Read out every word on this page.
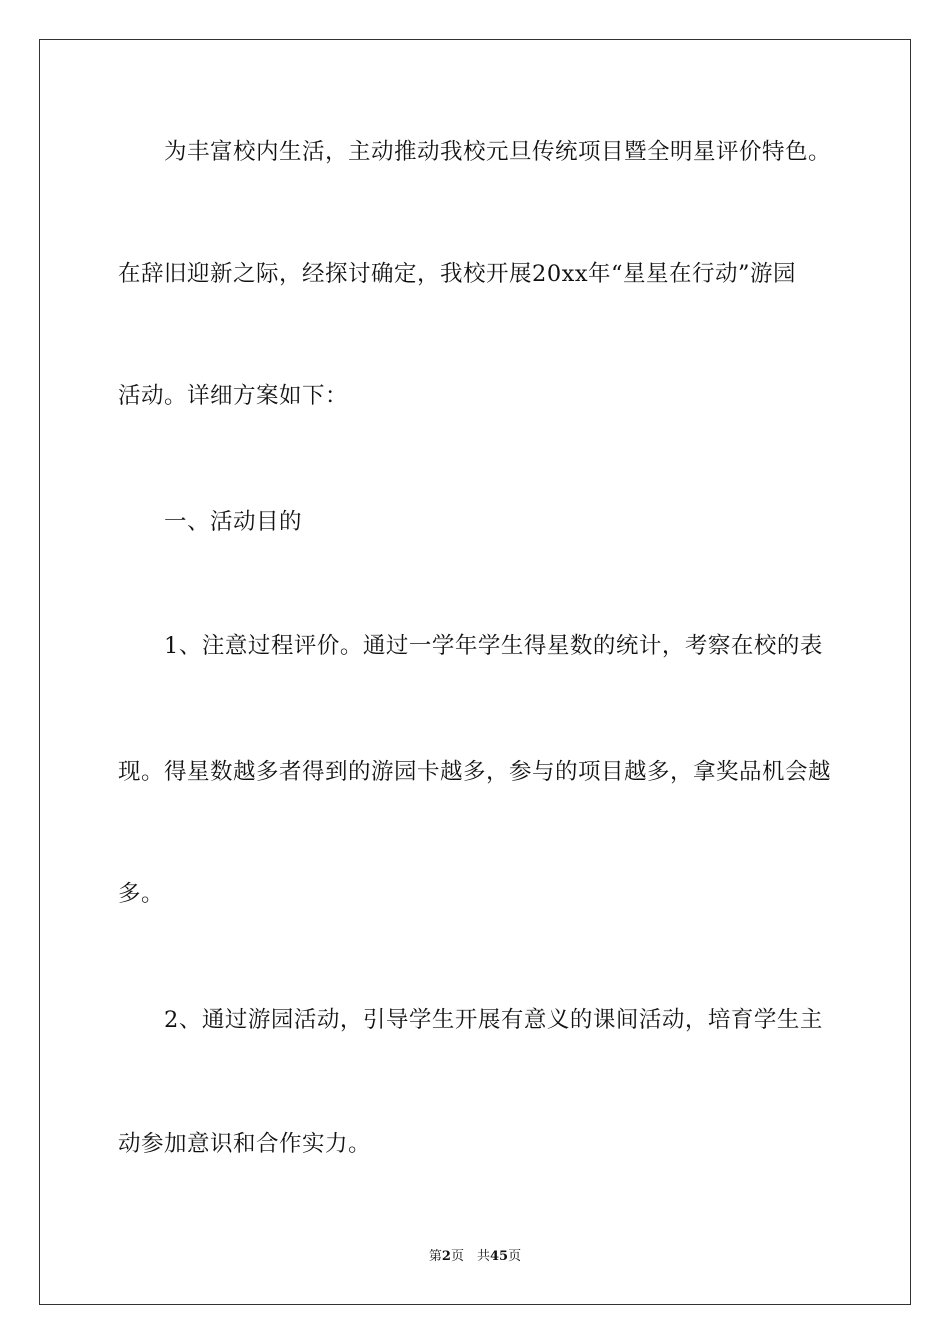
为丰富校内生活，主动推动我校元旦传统项目暨全明星评价特色。
在辞旧迎新之际，经探讨确定，我校开展20xx年“星星在行动”游园
活动。详细方案如下：
一、活动目的
1、注意过程评价。通过一学年学生得星数的统计，考察在校的表
现。得星数越多者得到的游园卡越多，参与的项目越多，拿奖品机会越
多。
2、通过游园活动，引导学生开展有意义的课间活动，培育学生主
动参加意识和合作实力。
第2页　共45页
